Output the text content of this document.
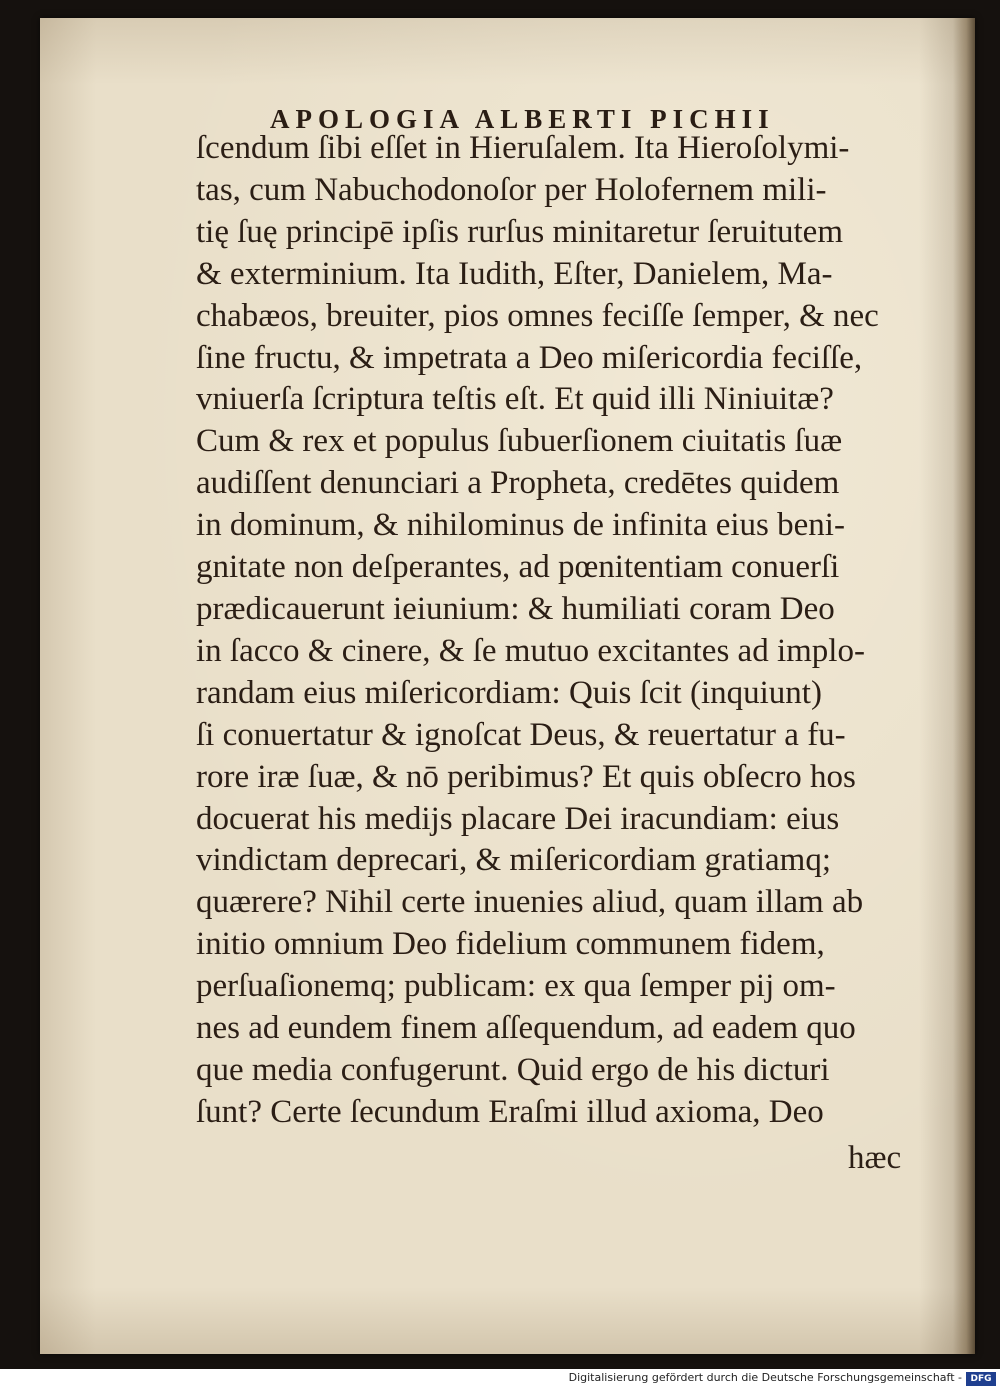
APOLOGIA ALBERTI PICHII
ſcendum ſibi eſſet in Hieruſalem. Ita Hieroſolymi-
tas, cum Nabuchodonoſor per Holofernem mili-
tię ſuę principē ipſis rurſus minitaretur ſeruitutem
& exterminium. Ita Iudith, Eſter, Danielem, Ma-
chabæos, breuiter, pios omnes feciſſe ſemper, & nec
ſine fructu, & impetrata a Deo miſericordia feciſſe,
vniuerſa ſcriptura teſtis eſt. Et quid illi Niniuitæ?
Cum & rex et populus ſubuerſionem ciuitatis ſuæ
audiſſent denunciari a Propheta, credētes quidem
in dominum, & nihilominus de infinita eius beni-
gnitate non deſperantes, ad pœnitentiam conuerſi
prædicauerunt ieiunium: & humiliati coram Deo
in ſacco & cinere, & ſe mutuo excitantes ad implo-
randam eius miſericordiam: Quis ſcit (inquiunt)
ſi conuertatur & ignoſcat Deus, & reuertatur a fu-
rore iræ ſuæ, & nō peribimus? Et quis obſecro hos
docuerat his medijs placare Dei iracundiam: eius
vindictam deprecari, & miſericordiam gratiamq;
quærere? Nihil certe inuenies aliud, quam illam ab
initio omnium Deo fidelium communem fidem,
perſuaſionemq; publicam: ex qua ſemper pij om-
nes ad eundem finem aſſequendum, ad eadem quo
que media confugerunt. Quid ergo de his dicturi
ſunt? Certe ſecundum Eraſmi illud axioma, Deo
hæc
Digitalisierung gefördert durch die Deutsche Forschungsgemeinschaft - DFG
